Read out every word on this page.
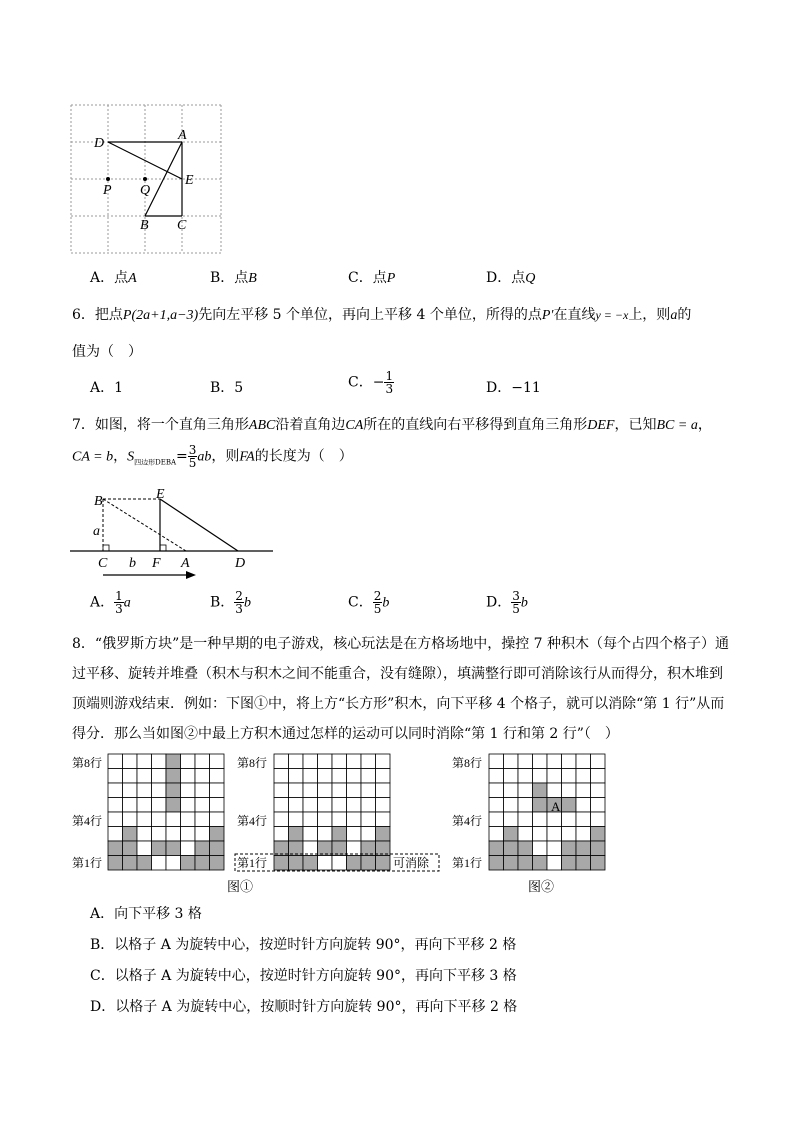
D
A
E
P Q
B C
A．点A	B．点B	C．点P	D．点Q
6．把点P(2a+1,a−3)先向左平移 5 个单位，再向上平移 4 个单位，所得的点P′在直线y = −x上，则a的
值为（　）
A．1	B．5	C．− $\frac{1}{3}$	D．−11
7．如图，将一个直角三角形ABC沿着直角边CA所在的直线向右平移得到直角三角形DEF，已知BC = a，
CA = b，$S_{四边形DEBA}= \frac{3}{5}$ ab，则FA的长度为（　）
B	E
a
C b F A	D
A． $\frac{1}{3}$ a	B． $\frac{2}{3}$ b	C． $\frac{2}{5}$ b	D． $\frac{3}{5}$ b
8．“俄罗斯方块”是一种早期的电子游戏，核心玩法是在方格场地中，操控 7 种积木（每个占四个格子）通
过平移、旋转并堆叠（积木与积木之间不能重合，没有缝隙），填满整行即可消除该行从而得分，积木堆到
顶端则游戏结束．例如：下图①中，将上方“长方形”积木，向下平移 4 个格子，就可以消除“第 1 行”从而
得分．那么当如图②中最上方积木通过怎样的运动可以同时消除“第 1 行和第 2 行”（　）
第8行
第4行
第1行
第8行
第4行
第1行	可消除
第8行
第4行
第1行
A
图①	图②
A．向下平移 3 格
B．以格子 A 为旋转中心，按逆时针方向旋转 90°，再向下平移 2 格
C．以格子 A 为旋转中心，按逆时针方向旋转 90°，再向下平移 3 格
D．以格子 A 为旋转中心，按顺时针方向旋转 90°，再向下平移 2 格
